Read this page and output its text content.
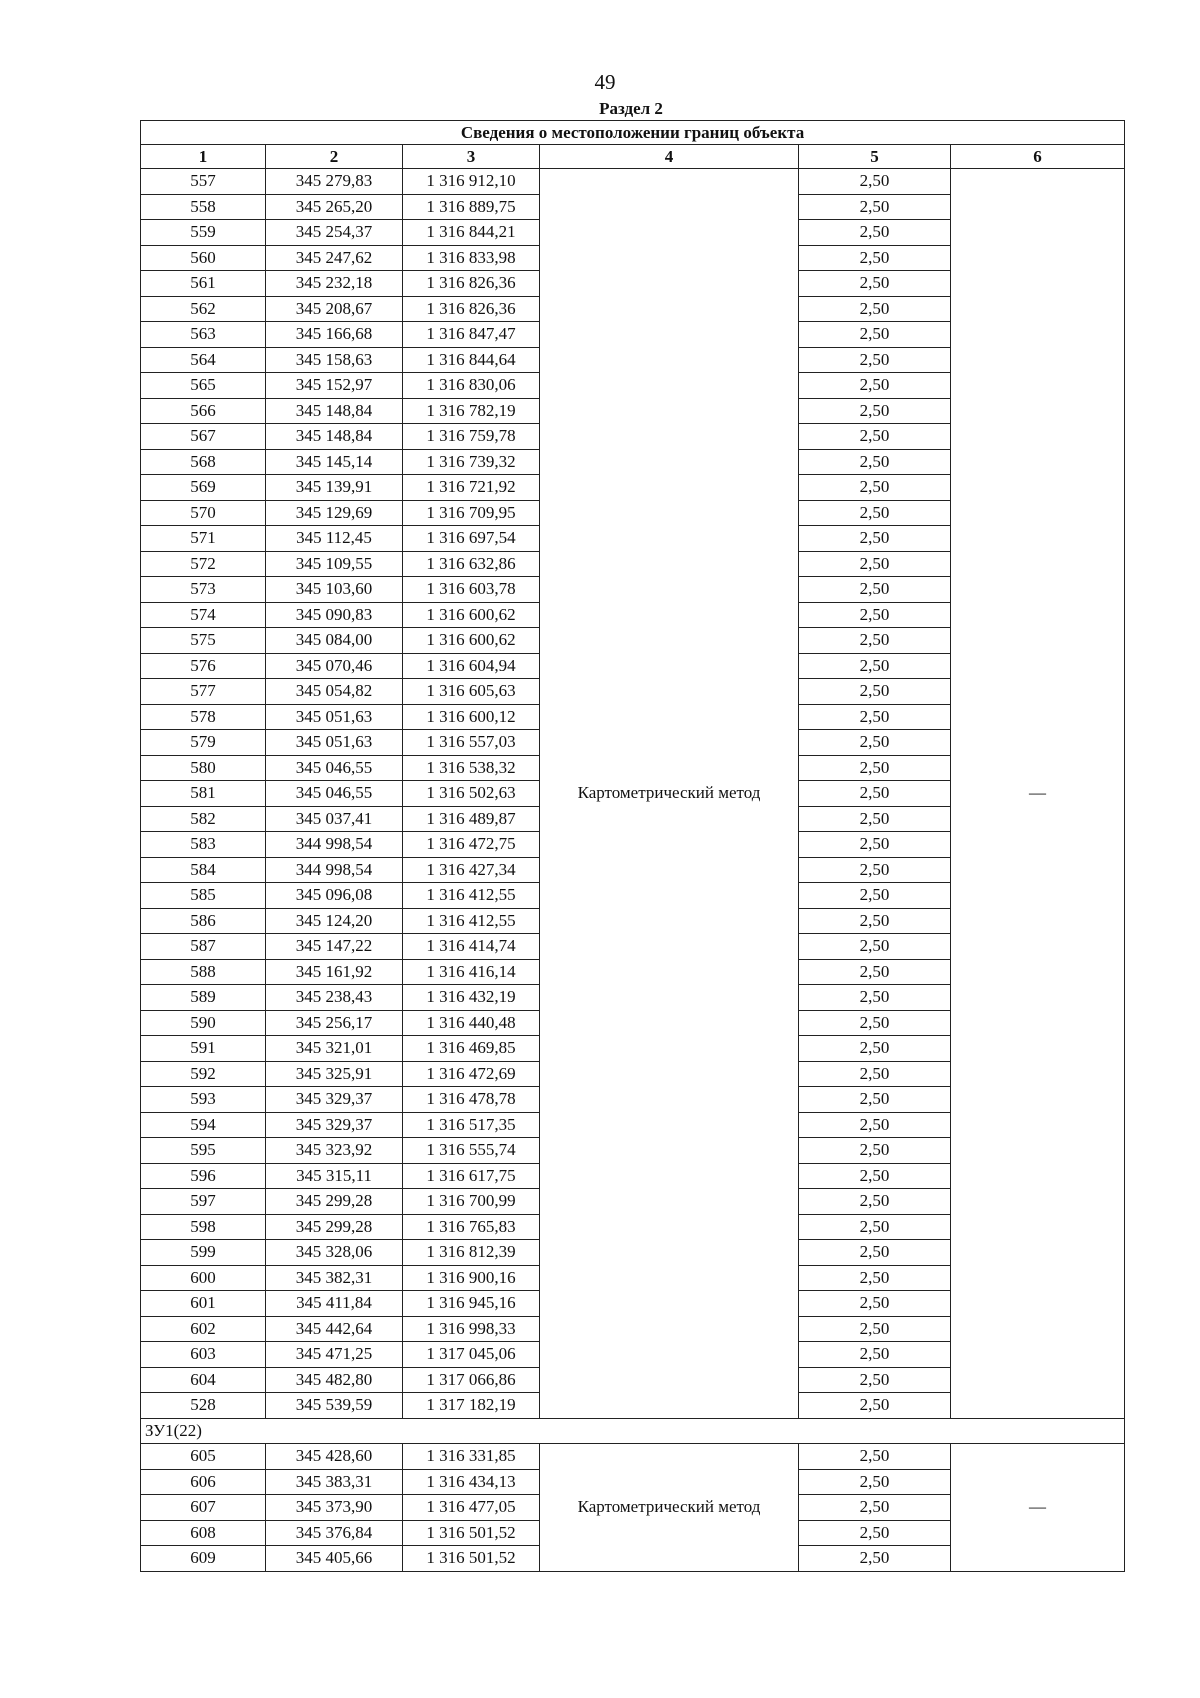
49
Раздел 2
Сведения о местоположении границ объекта					
1	2	3	4	5	6
557	345 279,83	1 316 912,10	Картометрический метод	2,50	—
558	345 265,20	1 316 889,75		2,50	
559	345 254,37	1 316 844,21		2,50	
560	345 247,62	1 316 833,98		2,50	
561	345 232,18	1 316 826,36		2,50	
562	345 208,67	1 316 826,36		2,50	
563	345 166,68	1 316 847,47		2,50	
564	345 158,63	1 316 844,64		2,50	
565	345 152,97	1 316 830,06		2,50	
566	345 148,84	1 316 782,19		2,50	
567	345 148,84	1 316 759,78		2,50	
568	345 145,14	1 316 739,32		2,50	
569	345 139,91	1 316 721,92		2,50	
570	345 129,69	1 316 709,95		2,50	
571	345 112,45	1 316 697,54		2,50	
572	345 109,55	1 316 632,86		2,50	
573	345 103,60	1 316 603,78		2,50	
574	345 090,83	1 316 600,62		2,50	
575	345 084,00	1 316 600,62		2,50	
576	345 070,46	1 316 604,94		2,50	
577	345 054,82	1 316 605,63		2,50	
578	345 051,63	1 316 600,12		2,50	
579	345 051,63	1 316 557,03		2,50	
580	345 046,55	1 316 538,32		2,50	
581	345 046,55	1 316 502,63		2,50	
582	345 037,41	1 316 489,87		2,50	
583	344 998,54	1 316 472,75		2,50	
584	344 998,54	1 316 427,34		2,50	
585	345 096,08	1 316 412,55		2,50	
586	345 124,20	1 316 412,55		2,50	
587	345 147,22	1 316 414,74		2,50	
588	345 161,92	1 316 416,14		2,50	
589	345 238,43	1 316 432,19		2,50	
590	345 256,17	1 316 440,48		2,50	
591	345 321,01	1 316 469,85		2,50	
592	345 325,91	1 316 472,69		2,50	
593	345 329,37	1 316 478,78		2,50	
594	345 329,37	1 316 517,35		2,50	
595	345 323,92	1 316 555,74		2,50	
596	345 315,11	1 316 617,75		2,50	
597	345 299,28	1 316 700,99		2,50	
598	345 299,28	1 316 765,83		2,50	
599	345 328,06	1 316 812,39		2,50	
600	345 382,31	1 316 900,16		2,50	
601	345 411,84	1 316 945,16		2,50	
602	345 442,64	1 316 998,33		2,50	
603	345 471,25	1 317 045,06		2,50	
604	345 482,80	1 317 066,86		2,50	
528	345 539,59	1 317 182,19		2,50	
ЗУ1(22)					
605	345 428,60	1 316 331,85	Картометрический метод	2,50	—
606	345 383,31	1 316 434,13		2,50	
607	345 373,90	1 316 477,05		2,50	
608	345 376,84	1 316 501,52		2,50	
609	345 405,66	1 316 501,52		2,50	
